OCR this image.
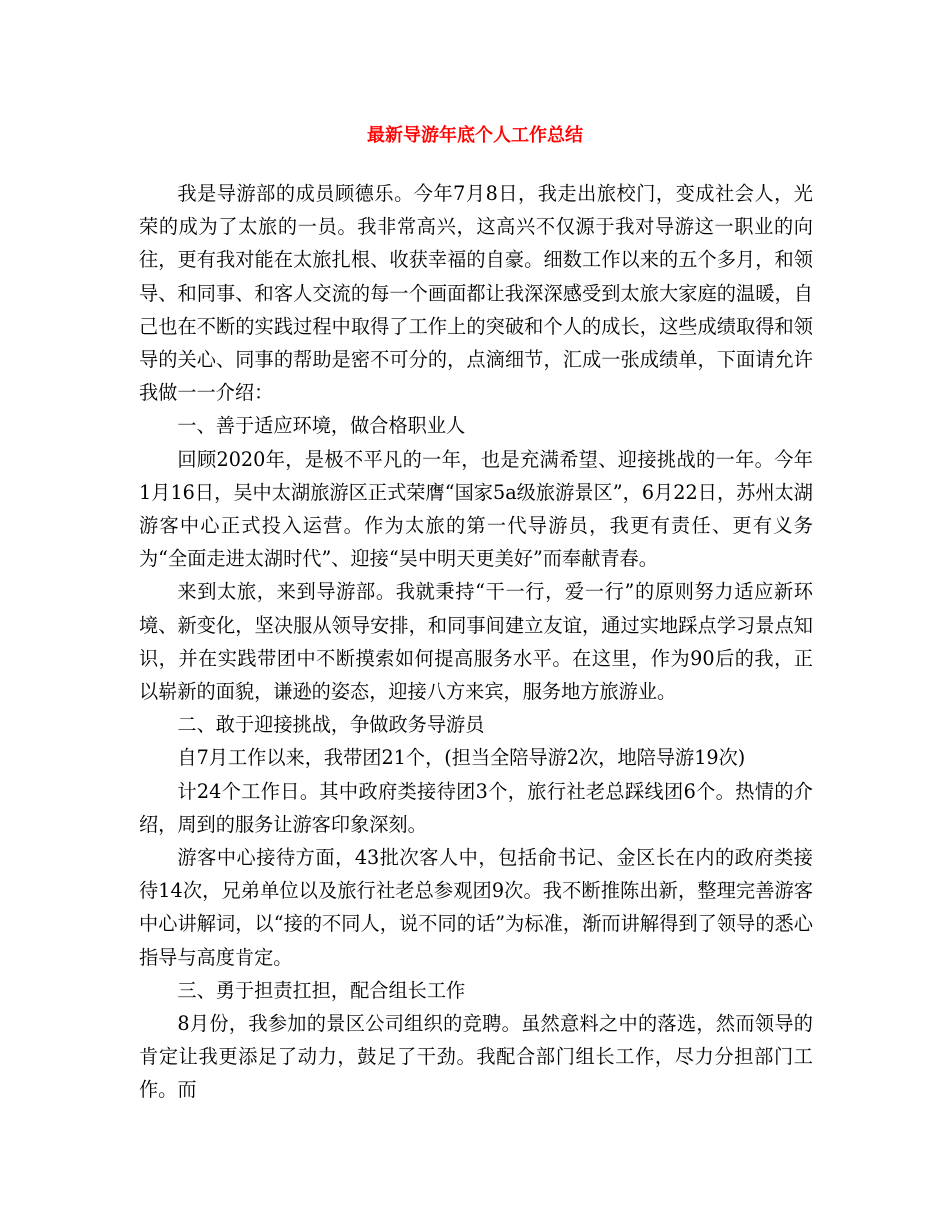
最新导游年底个人工作总结

我是导游部的成员顾德乐。今年7月8日，我走出旅校门，变成社会人，光荣的成为了太旅的一员。我非常高兴，这高兴不仅源于我对导游这一职业的向往，更有我对能在太旅扎根、收获幸福的自豪。细数工作以来的五个多月，和领导、和同事、和客人交流的每一个画面都让我深深感受到太旅大家庭的温暖，自己也在不断的实践过程中取得了工作上的突破和个人的成长，这些成绩取得和领导的关心、同事的帮助是密不可分的，点滴细节，汇成一张成绩单，下面请允许我做一一介绍：

一、善于适应环境，做合格职业人

回顾2020年，是极不平凡的一年，也是充满希望、迎接挑战的一年。今年1月16日，吴中太湖旅游区正式荣膺“国家5a级旅游景区”，6月22日，苏州太湖游客中心正式投入运营。作为太旅的第一代导游员，我更有责任、更有义务为“全面走进太湖时代”、迎接“吴中明天更美好”而奉献青春。

来到太旅，来到导游部。我就秉持“干一行，爱一行”的原则努力适应新环境、新变化，坚决服从领导安排，和同事间建立友谊，通过实地踩点学习景点知识，并在实践带团中不断摸索如何提高服务水平。在这里，作为90后的我，正以崭新的面貌，谦逊的姿态，迎接八方来宾，服务地方旅游业。

二、敢于迎接挑战，争做政务导游员

自7月工作以来，我带团21个，(担当全陪导游2次，地陪导游19次)

计24个工作日。其中政府类接待团3个，旅行社老总踩线团6个。热情的介绍，周到的服务让游客印象深刻。

游客中心接待方面，43批次客人中，包括俞书记、金区长在内的政府类接待14次，兄弟单位以及旅行社老总参观团9次。我不断推陈出新，整理完善游客中心讲解词，以“接的不同人，说不同的话”为标准，渐而讲解得到了领导的悉心指导与高度肯定。

三、勇于担责扛担，配合组长工作

8月份，我参加的景区公司组织的竞聘。虽然意料之中的落选，然而领导的肯定让我更添足了动力，鼓足了干劲。我配合部门组长工作，尽力分担部门工作。而
